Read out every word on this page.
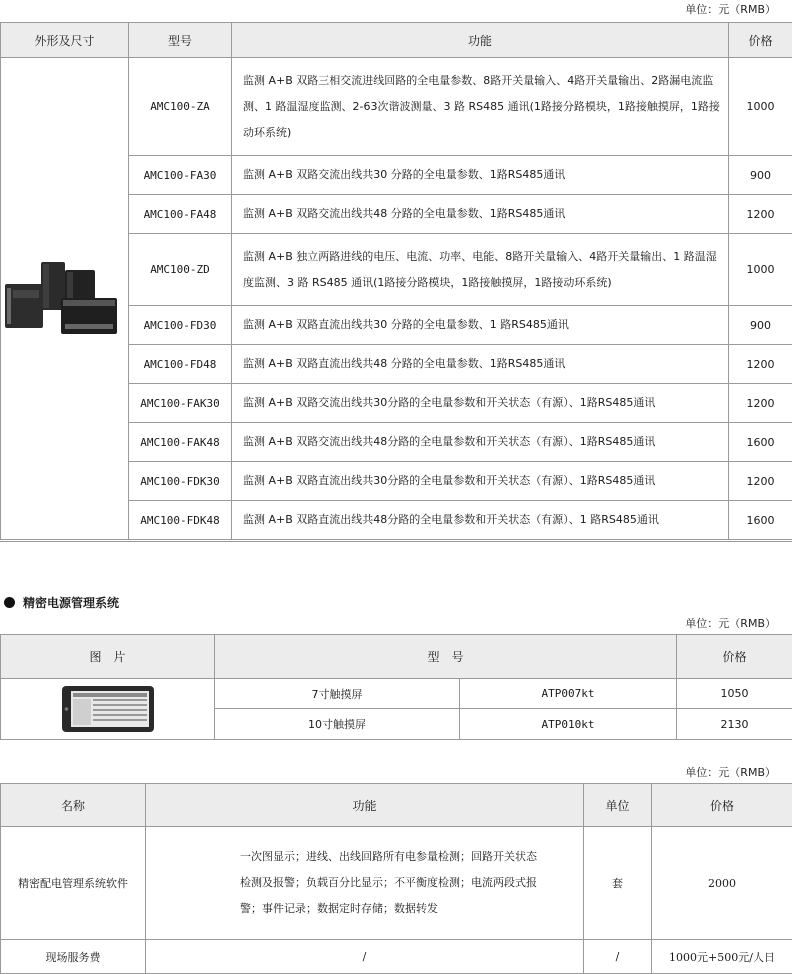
单位：元（RMB）
外形及尺寸	型号	功能	价格

	AMC100-ZA	监测 A+B 双路三相交流进线回路的全电量参数、8路开关量输入、4路开关量输出、2路漏电流监测、1 路温湿度监测、2-63次谐波测量、3 路 RS485 通讯(1路接分路模块，1路接触摸屏，1路接动环系统)	1000
	AMC100-FA30	监测 A+B 双路交流出线共30 分路的全电量参数、1路RS485通讯	900
	AMC100-FA48	监测 A+B 双路交流出线共48 分路的全电量参数、1路RS485通讯	1200
	AMC100-ZD	监测 A+B 独立两路进线的电压、电流、功率、电能、8路开关量输入、4路开关量输出、1 路温湿度监测、3 路 RS485 通讯(1路接分路模块，1路接触摸屏，1路接动环系统)	1000
	AMC100-FD30	监测 A+B 双路直流出线共30 分路的全电量参数、1 路RS485通讯	900
	AMC100-FD48	监测 A+B 双路直流出线共48 分路的全电量参数、1路RS485通讯	1200
	AMC100-FAK30	监测 A+B 双路交流出线共30分路的全电量参数和开关状态（有源）、1路RS485通讯	1200
	AMC100-FAK48	监测 A+B 双路交流出线共48分路的全电量参数和开关状态（有源）、1路RS485通讯	1600
	AMC100-FDK30	监测 A+B 双路直流出线共30分路的全电量参数和开关状态（有源）、1路RS485通讯	1200
	AMC100-FDK48	监测 A+B 双路直流出线共48分路的全电量参数和开关状态（有源）、1 路RS485通讯	1600
精密电源管理系统
单位：元（RMB）
图　片	型　号		价格

	7寸触摸屏	ATP007kt	1050
	10寸触摸屏	ATP010kt	2130
单位：元（RMB）
名称	功能	单位	价格
精密配电管理系统软件	一次图显示；进线、出线回路所有电参量检测；回路开关状态检测及报警；负载百分比显示；不平衡度检测；电流两段式报警；事件记录；数据定时存储；数据转发	套	2000
现场服务费	/	/	1000元+500元/人日
